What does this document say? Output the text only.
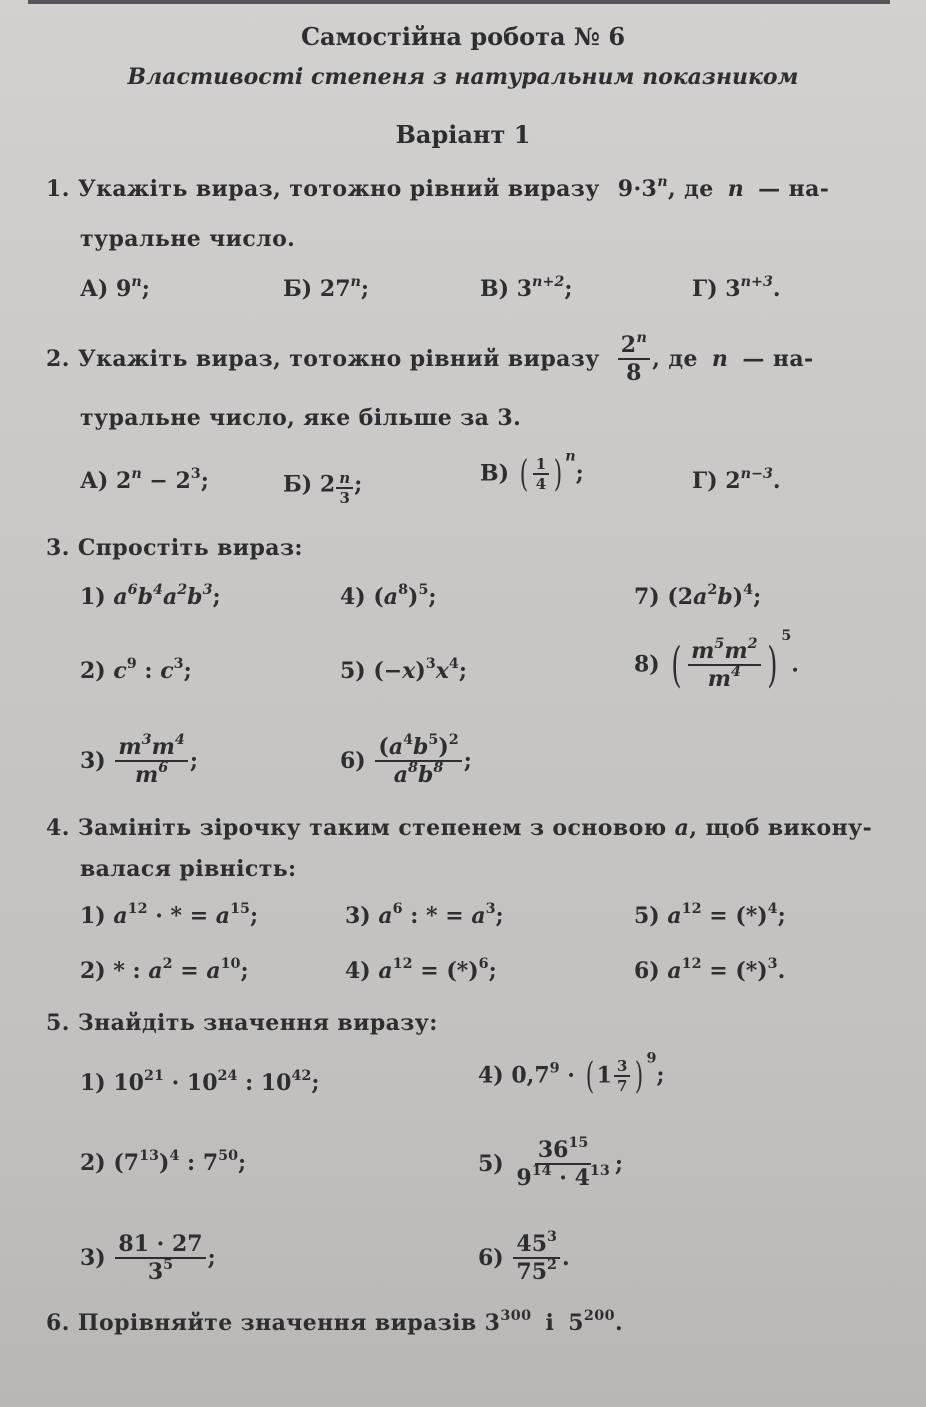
Самостійна робота № 6
Властивості степеня з натуральним показником
Варіант 1
1. Укажіть вираз, тотожно рівний виразу $9\cdot 3^n$, де n — на-
туральне число.
А) 9$^n$;	Б) 27$^n$;	В) $3^{n+2}$;	Г) $3^{n+3}$.
2. Укажіть вираз, тотожно рівний виразу $\frac{2^n}{8}$ , де n — на-
туральне число, яке більше за 3.
А) $2^n - 2^3$;	Б) $2 \frac{n}{3}$ ;	В) ( $\frac{1}{4}$ ) $^n$;	Г) $2^{n-3}$.
3. Спростіть вираз:
1) $a^6b^4a^2b^3$;	4) $(a^8)^5$;	7) $(2a^2b)^4$;
2) $c^9$ : $c^3$;	5) $(-x)^3x^4$;	8) ( $\frac{m^5m^2}{m^4} )^5$.
$3) \frac{m^3m^4}{m^6}$ ;	$6) \frac{(a^4b^5)^2}{a^8b^8}$ ;
4. Замініть зірочку таким степенем з основою a, щоб викону-
валася рівність:
1) $a^{12}$ · * = $a^{15}$;	3) $a^6$ : * = $a^3$;	5) $a^{12} = (*)^4$;
2) * : $a^2 = a^{10}$;	4) $a^{12} = (*)^6$;	6) $a^{12} = (*)^3$.
5. Знайдіть значення виразу:
1) $10^{21} \cdot 10^{24}$ : $10^{42}$;	4) $0,7^9$ · ( $1 \frac{3}{7}$ ) $^9$;
2) $(7^{13})^4$ : $7^{50}$;	$5) \frac{36^{15}}{9^{14} \cdot 4^{13}}$ ;
$3) \frac{81 \cdot 27}{3^5}$ ;	$6) \frac{45^3}{75^2}$ .
6. Порівняйте значення виразів $3^{300}$ і $5^{200}$.
